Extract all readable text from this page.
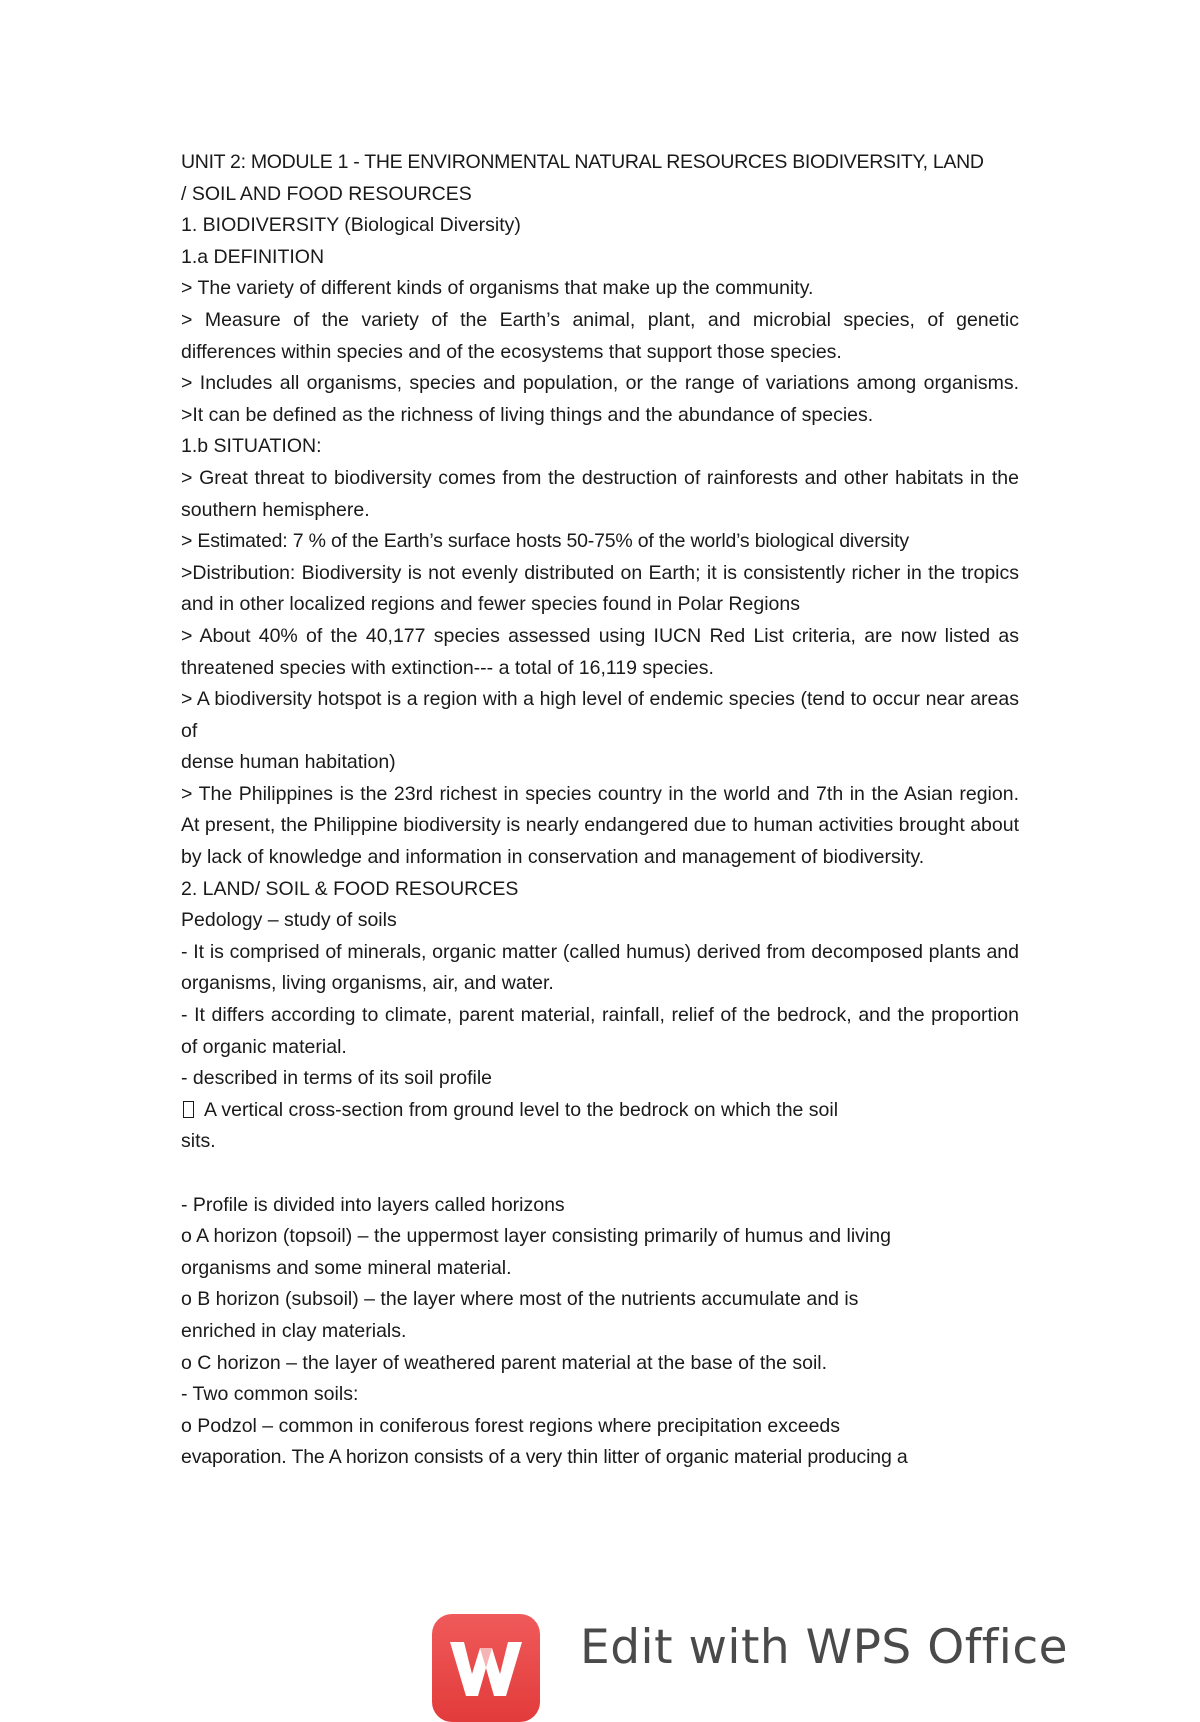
UNIT 2: MODULE 1 - THE ENVIRONMENTAL NATURAL RESOURCES BIODIVERSITY, LAND

/ SOIL AND FOOD RESOURCES

1. BIODIVERSITY (Biological Diversity)

1.a DEFINITION

> The variety of different kinds of organisms that make up the community.

> Measure of the variety of the Earth’s animal, plant, and microbial species, of genetic differences within species and of the ecosystems that support those species.

> Includes all organisms, species and population, or the range of variations among organisms. >It can be defined as the richness of living things and the abundance of species.

1.b SITUATION:

> Great threat to biodiversity comes from the destruction of rainforests and other habitats in the southern hemisphere.

> Estimated: 7 % of the Earth’s surface hosts 50-75% of the world’s biological diversity

>Distribution: Biodiversity is not evenly distributed on Earth; it is consistently richer in the tropics and in other localized regions and fewer species found in Polar Regions

> About 40% of the 40,177 species assessed using IUCN Red List criteria, are now listed as threatened species with extinction--- a total of 16,119 species.

> A biodiversity hotspot is a region with a high level of endemic species (tend to occur near areas of

dense human habitation)

> The Philippines is the 23rd richest in species country in the world and 7th in the Asian region. At present, the Philippine biodiversity is nearly endangered due to human activities brought about by lack of knowledge and information in conservation and management of biodiversity.

2. LAND/ SOIL & FOOD RESOURCES

Pedology – study of soils

- It is comprised of minerals, organic matter (called humus) derived from decomposed plants and organisms, living organisms, air, and water.

- It differs according to climate, parent material, rainfall, relief of the bedrock, and the proportion of organic material.

- described in terms of its soil profile

A vertical cross-section from ground level to the bedrock on which the soil

sits.

- Profile is divided into layers called horizons

o A horizon (topsoil) – the uppermost layer consisting primarily of humus and living

organisms and some mineral material.

o B horizon (subsoil) – the layer where most of the nutrients accumulate and is

enriched in clay materials.

o C horizon – the layer of weathered parent material at the base of the soil.

- Two common soils:

o Podzol – common in coniferous forest regions where precipitation exceeds

evaporation. The A horizon consists of a very thin litter of organic material producing a

Edit with WPS Office
